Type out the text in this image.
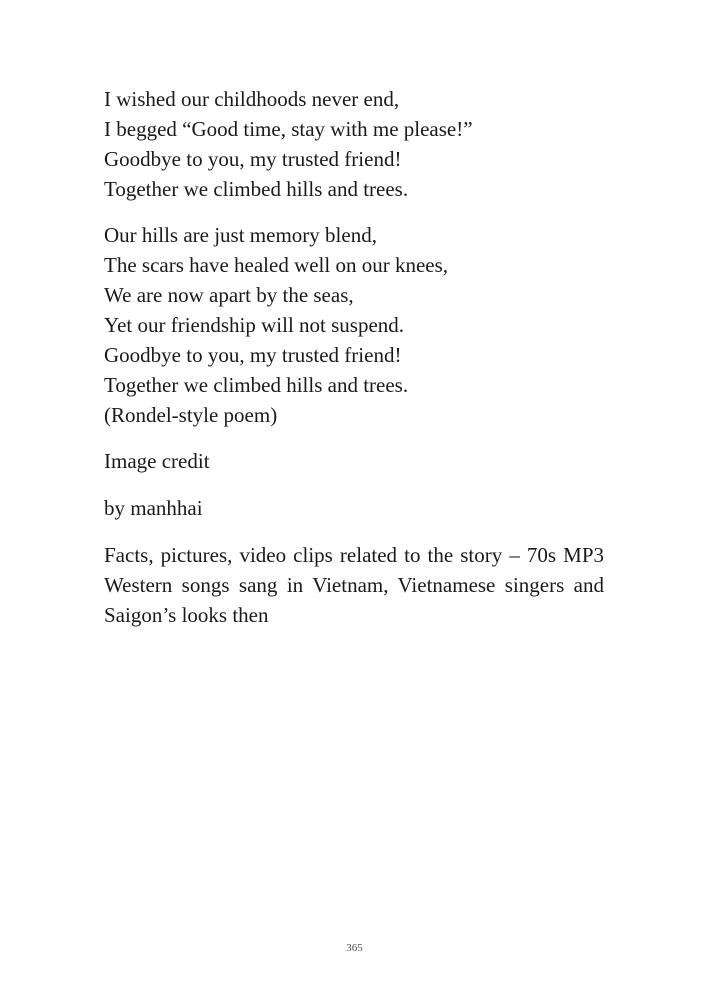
I wished our childhoods never end,
I begged “Good time, stay with me please!”
Goodbye to you, my trusted friend!
Together we climbed hills and trees.
Our hills are just memory blend,
The scars have healed well on our knees,
We are now apart by the seas,
Yet our friendship will not suspend.
Goodbye to you, my trusted friend!
Together we climbed hills and trees.
(Rondel-style poem)

Image credit

by manhhai

Facts, pictures, video clips related to the story – 70s MP3 Western songs sang in Vietnam, Vietnamese singers and Saigon’s looks then

365
